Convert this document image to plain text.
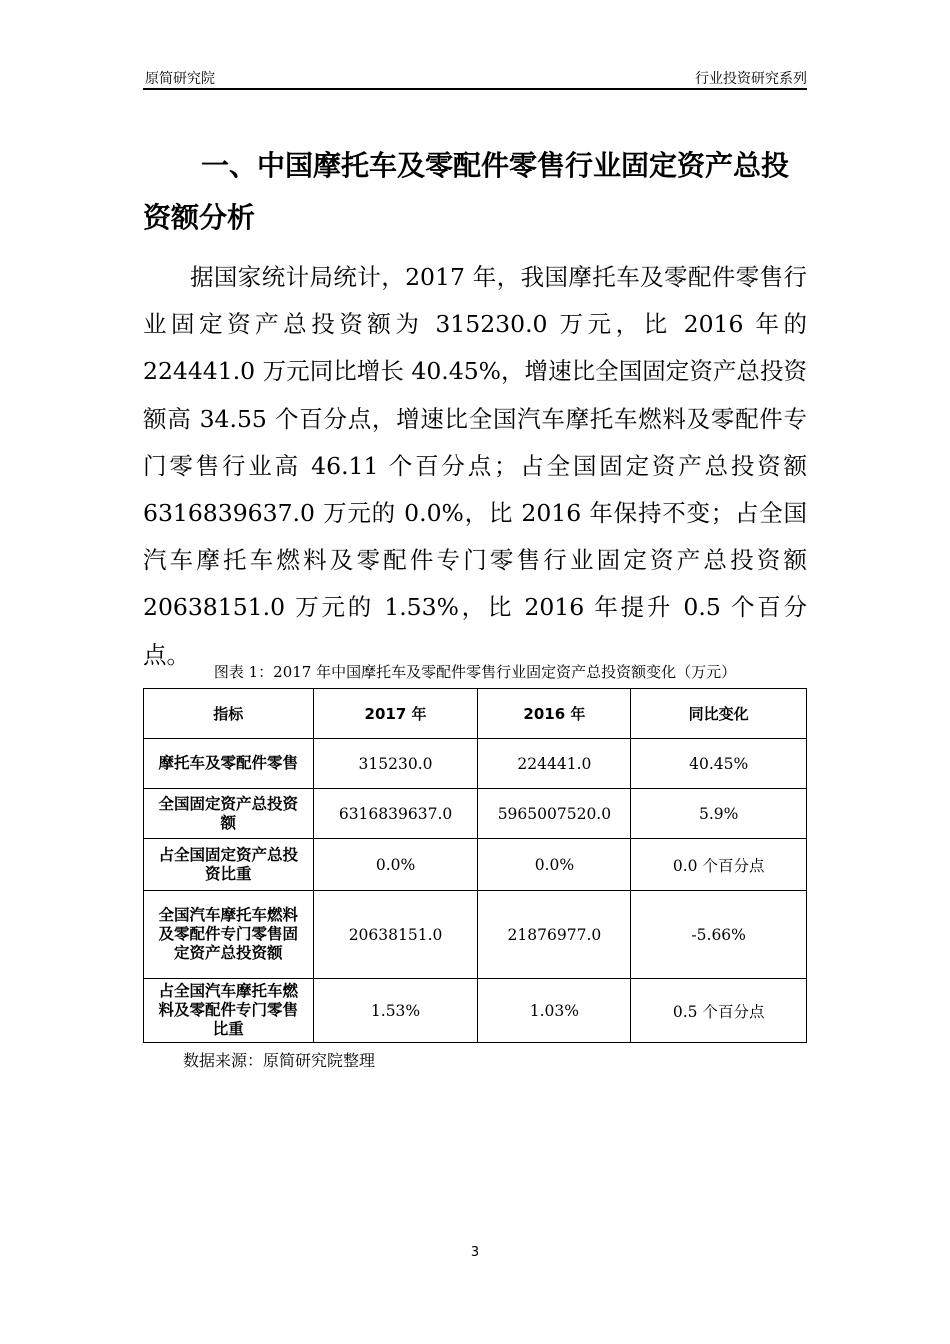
原简研究院	行业投资研究系列
一、中国摩托车及零配件零售行业固定资产总投资额分析
据国家统计局统计，2017 年，我国摩托车及零配件零售行业固定资产总投资额为 315230.0 万元，比 2016 年的224441.0 万元同比增长 40.45%，增速比全国固定资产总投资额高 34.55 个百分点，增速比全国汽车摩托车燃料及零配件专门零售行业高 46.11 个百分点；占全国固定资产总投资额 6316839637.0 万元的 0.0%，比 2016 年保持不变；占全国汽车摩托车燃料及零配件专门零售行业固定资产总投资额 20638151.0 万元的 1.53%，比 2016 年提升 0.5 个百分点。
图表 1：2017 年中国摩托车及零配件零售行业固定资产总投资额变化（万元）
指标	2017 年	2016 年	同比变化
摩托车及零配件零售	315230.0	224441.0	40.45%
全国固定资产总投资额	6316839637.0	5965007520.0	5.9%
占全国固定资产总投资比重	0.0%	0.0%	0.0 个百分点
全国汽车摩托车燃料及零配件专门零售固定资产总投资额	20638151.0	21876977.0	-5.66%
占全国汽车摩托车燃料及零配件专门零售比重	1.53%	1.03%	0.5 个百分点
数据来源：原简研究院整理
3
